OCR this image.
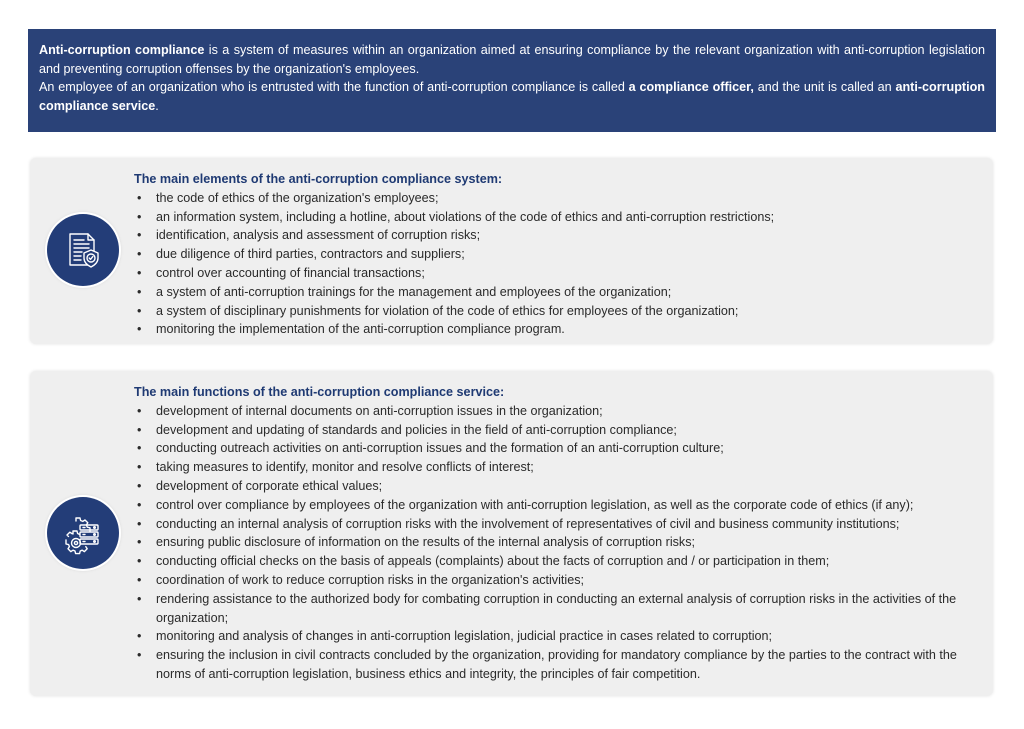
Anti-corruption compliance is a system of measures within an organization aimed at ensuring compliance by the relevant organization with anti-corruption legislation and preventing corruption offenses by the organization's employees.

An employee of an organization who is entrusted with the function of anti-corruption compliance is called a compliance officer, and the unit is called an anti-corruption compliance service.

The main elements of the anti-corruption compliance system:
• the code of ethics of the organization's employees;
• an information system, including a hotline, about violations of the code of ethics and anti-corruption restrictions;
• identification, analysis and assessment of corruption risks;
• due diligence of third parties, contractors and suppliers;
• control over accounting of financial transactions;
• a system of anti-corruption trainings for the management and employees of the organization;
• a system of disciplinary punishments for violation of the code of ethics for employees of the organization;
• monitoring the implementation of the anti-corruption compliance program.
The main functions of the anti-corruption compliance service:
• development of internal documents on anti-corruption issues in the organization;
• development and updating of standards and policies in the field of anti-corruption compliance;
• conducting outreach activities on anti-corruption issues and the formation of an anti-corruption culture;
• taking measures to identify, monitor and resolve conflicts of interest;
• development of corporate ethical values;
• control over compliance by employees of the organization with anti-corruption legislation, as well as the corporate code of ethics (if any);
• conducting an internal analysis of corruption risks with the involvement of representatives of civil and business community institutions;
• ensuring public disclosure of information on the results of the internal analysis of corruption risks;
• conducting official checks on the basis of appeals (complaints) about the facts of corruption and / or participation in them;
• coordination of work to reduce corruption risks in the organization's activities;
• rendering assistance to the authorized body for combating corruption in conducting an external analysis of corruption risks in the activities of the organization;
• monitoring and analysis of changes in anti-corruption legislation, judicial practice in cases related to corruption;
• ensuring the inclusion in civil contracts concluded by the organization, providing for mandatory compliance by the parties to the contract with the norms of anti-corruption legislation, business ethics and integrity, the principles of fair competition.
